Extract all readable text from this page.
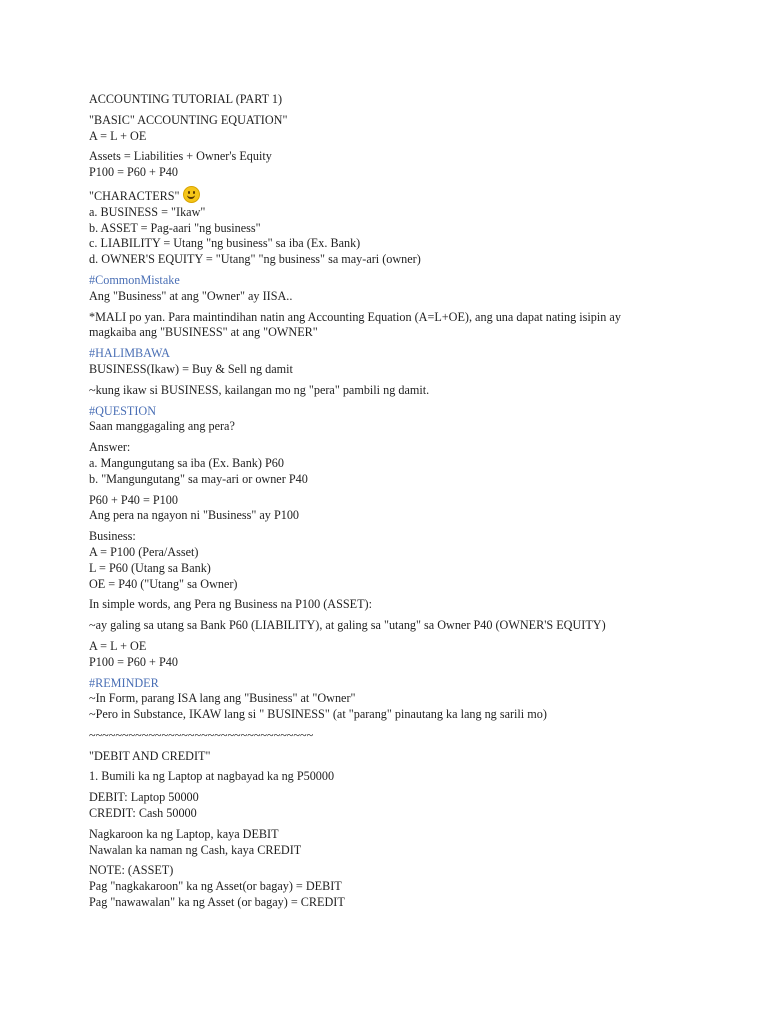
ACCOUNTING TUTORIAL (PART 1)
"BASIC" ACCOUNTING EQUATION"
A = L + OE
Assets = Liabilities + Owner's Equity
P100 = P60 + P40
"CHARACTERS"
a. BUSINESS = "Ikaw"
b. ASSET = Pag-aari "ng business"
c. LIABILITY = Utang "ng business" sa iba (Ex. Bank)
d. OWNER'S EQUITY = "Utang" "ng business" sa may-ari (owner)
#CommonMistake
Ang "Business" at ang "Owner" ay IISA..
*MALI po yan. Para maintindihan natin ang Accounting Equation (A=L+OE), ang una dapat nating isipin ay
magkaiba ang "BUSINESS" at ang "OWNER"
#HALIMBAWA
BUSINESS(Ikaw) = Buy & Sell ng damit
~kung ikaw si BUSINESS, kailangan mo ng "pera" pambili ng damit.
#QUESTION
Saan manggagaling ang pera?
Answer:
a. Mangungutang sa iba (Ex. Bank) P60
b. "Mangungutang" sa may-ari or owner P40
P60 + P40 = P100
Ang pera na ngayon ni "Business" ay P100
Business:
A = P100 (Pera/Asset)
L = P60 (Utang sa Bank)
OE = P40 ("Utang" sa Owner)
In simple words, ang Pera ng Business na P100 (ASSET):
~ay galing sa utang sa Bank P60 (LIABILITY), at galing sa "utang" sa Owner P40 (OWNER'S EQUITY)
A = L + OE
P100 = P60 + P40
#REMINDER
~In Form, parang ISA lang ang "Business" at "Owner"
~Pero in Substance, IKAW lang si " BUSINESS" (at "parang" pinautang ka lang ng sarili mo)
~~~~~~~~~~~~~~~~~~~~~~~~~~~~~~~~~~
"DEBIT AND CREDIT"
1. Bumili ka ng Laptop at nagbayad ka ng P50000
DEBIT: Laptop 50000
CREDIT: Cash 50000
Nagkaroon ka ng Laptop, kaya DEBIT
Nawalan ka naman ng Cash, kaya CREDIT
NOTE: (ASSET)
Pag "nagkakaroon" ka ng Asset(or bagay) = DEBIT
Pag "nawawalan" ka ng Asset (or bagay) = CREDIT
